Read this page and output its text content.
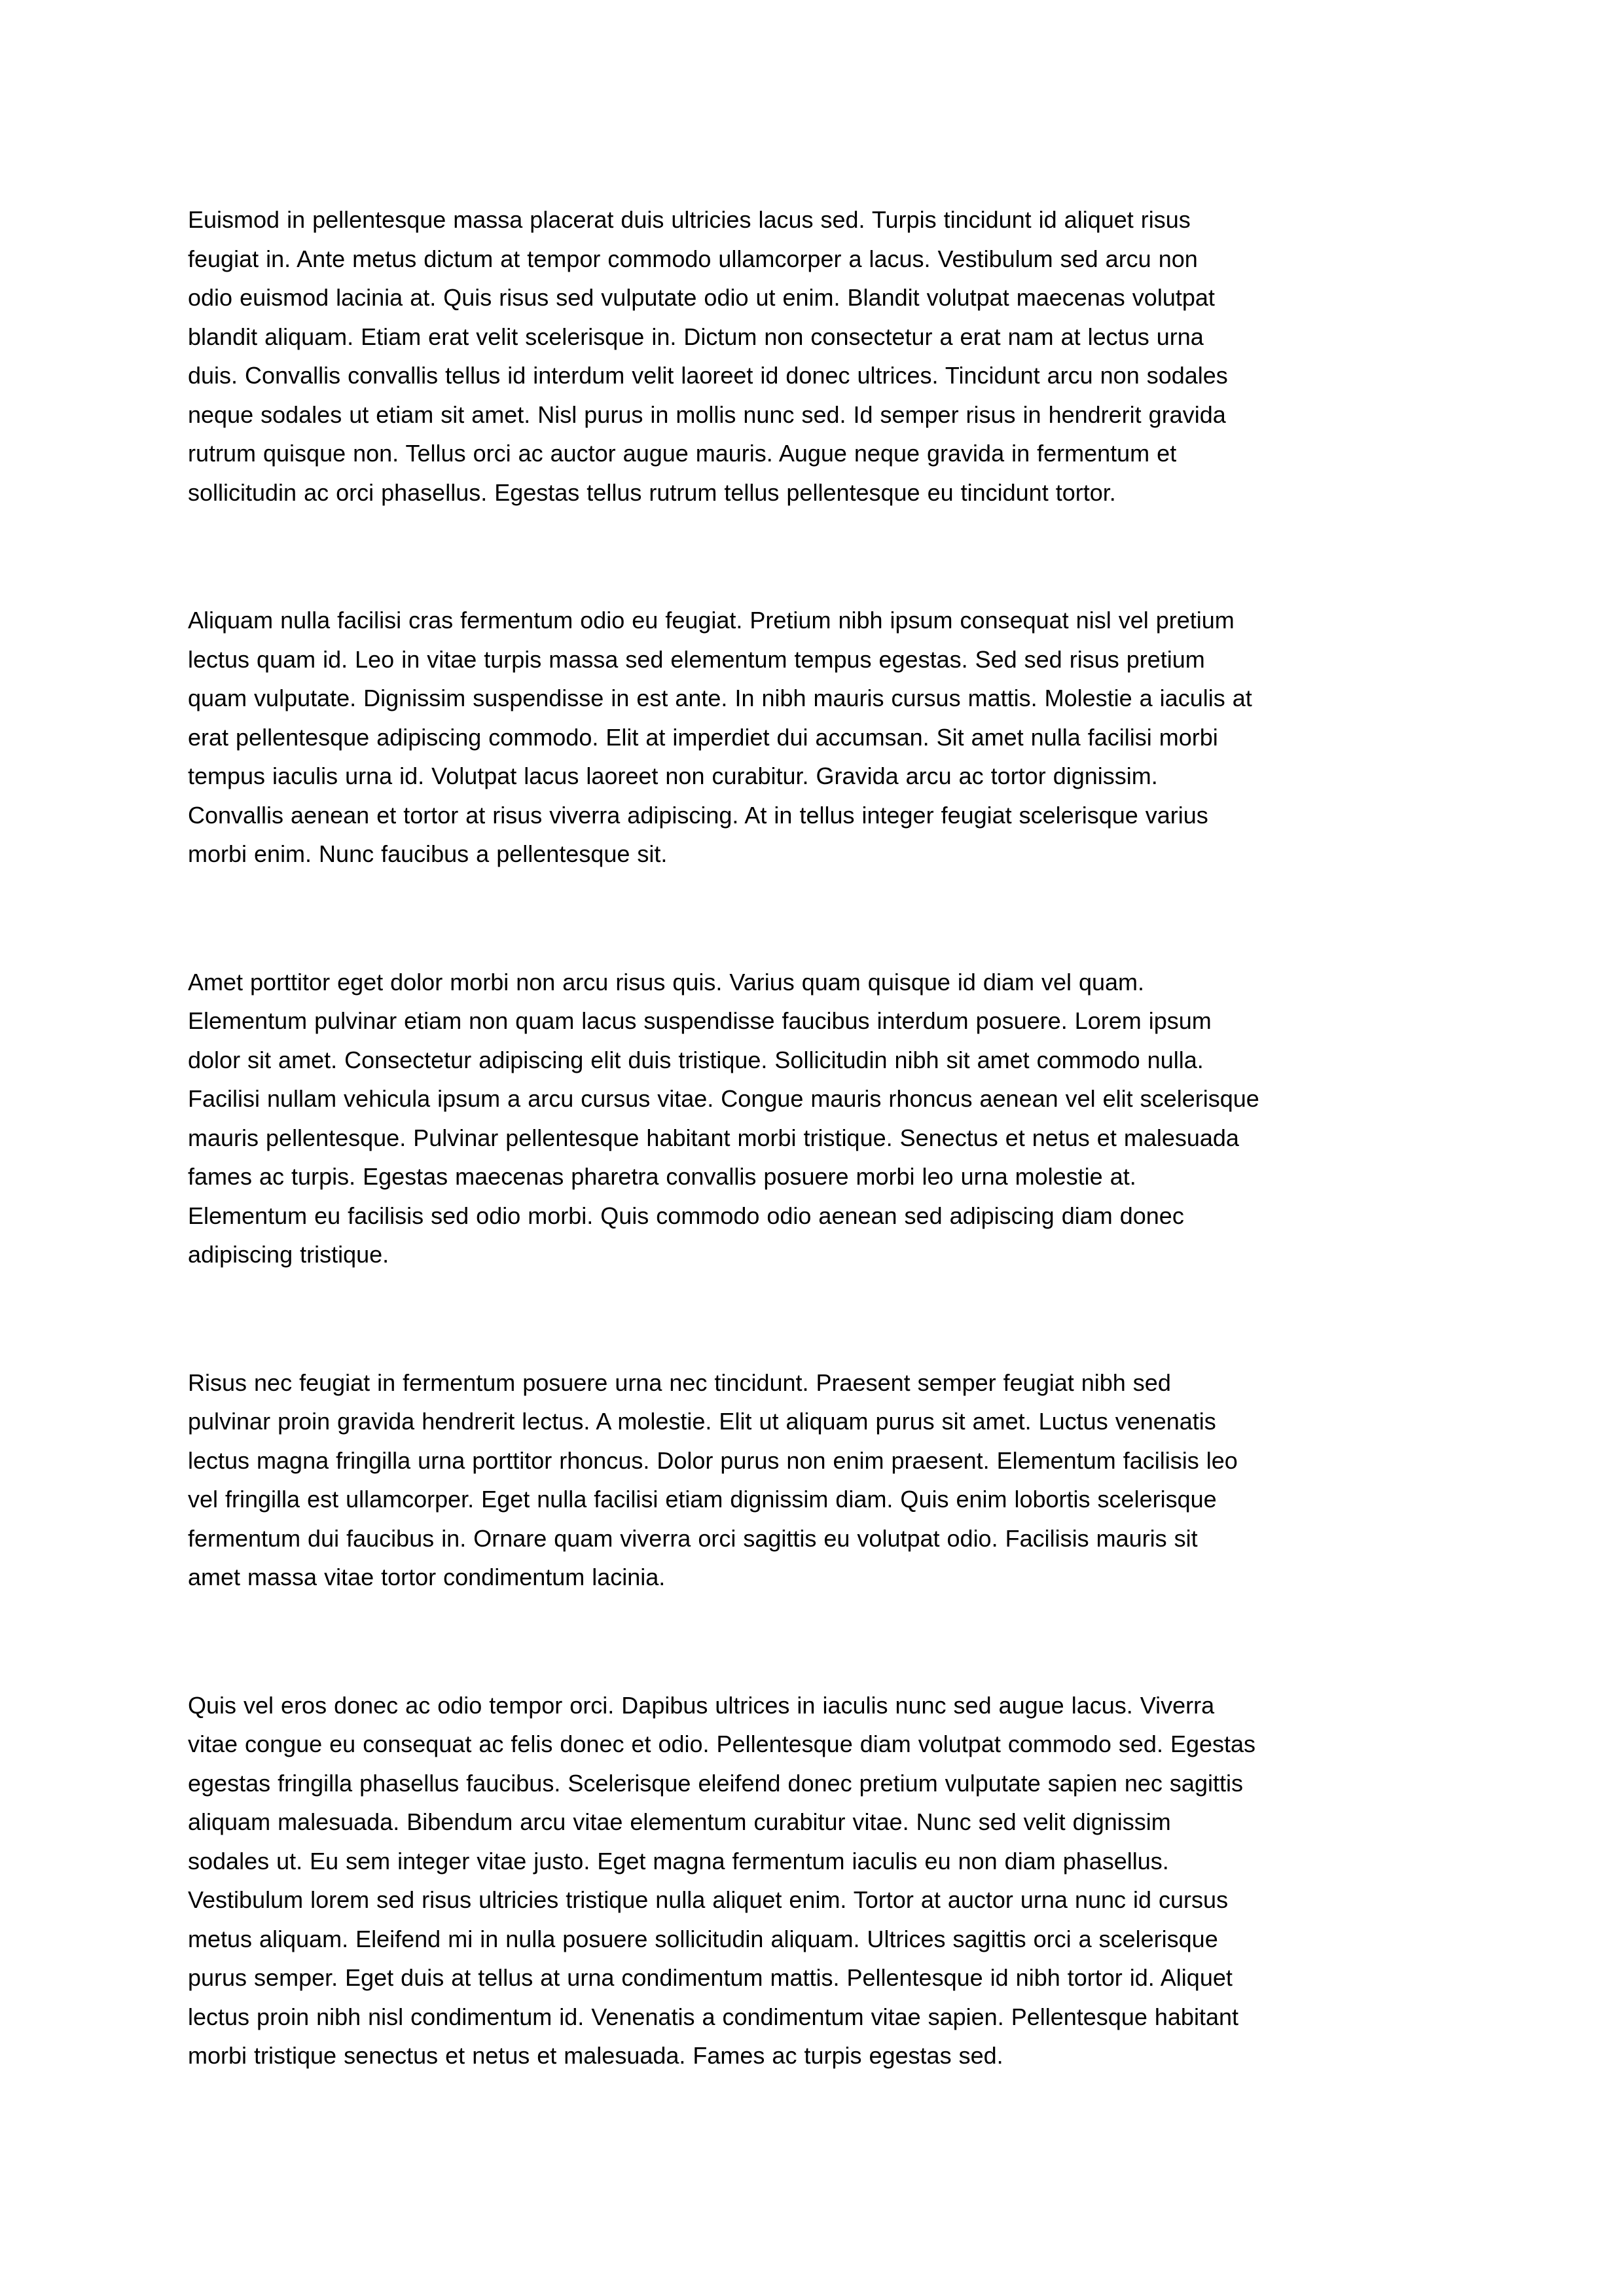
Euismod in pellentesque massa placerat duis ultricies lacus sed. Turpis tincidunt id aliquet risus
feugiat in. Ante metus dictum at tempor commodo ullamcorper a lacus. Vestibulum sed arcu non
odio euismod lacinia at. Quis risus sed vulputate odio ut enim. Blandit volutpat maecenas volutpat
blandit aliquam. Etiam erat velit scelerisque in. Dictum non consectetur a erat nam at lectus urna
duis. Convallis convallis tellus id interdum velit laoreet id donec ultrices. Tincidunt arcu non sodales
neque sodales ut etiam sit amet. Nisl purus in mollis nunc sed. Id semper risus in hendrerit gravida
rutrum quisque non. Tellus orci ac auctor augue mauris. Augue neque gravida in fermentum et
sollicitudin ac orci phasellus. Egestas tellus rutrum tellus pellentesque eu tincidunt tortor.

Aliquam nulla facilisi cras fermentum odio eu feugiat. Pretium nibh ipsum consequat nisl vel pretium
lectus quam id. Leo in vitae turpis massa sed elementum tempus egestas. Sed sed risus pretium
quam vulputate. Dignissim suspendisse in est ante. In nibh mauris cursus mattis. Molestie a iaculis at
erat pellentesque adipiscing commodo. Elit at imperdiet dui accumsan. Sit amet nulla facilisi morbi
tempus iaculis urna id. Volutpat lacus laoreet non curabitur. Gravida arcu ac tortor dignissim.
Convallis aenean et tortor at risus viverra adipiscing. At in tellus integer feugiat scelerisque varius
morbi enim. Nunc faucibus a pellentesque sit.

Amet porttitor eget dolor morbi non arcu risus quis. Varius quam quisque id diam vel quam.
Elementum pulvinar etiam non quam lacus suspendisse faucibus interdum posuere. Lorem ipsum
dolor sit amet. Consectetur adipiscing elit duis tristique. Sollicitudin nibh sit amet commodo nulla.
Facilisi nullam vehicula ipsum a arcu cursus vitae. Congue mauris rhoncus aenean vel elit scelerisque
mauris pellentesque. Pulvinar pellentesque habitant morbi tristique. Senectus et netus et malesuada
fames ac turpis. Egestas maecenas pharetra convallis posuere morbi leo urna molestie at.
Elementum eu facilisis sed odio morbi. Quis commodo odio aenean sed adipiscing diam donec
adipiscing tristique.

Risus nec feugiat in fermentum posuere urna nec tincidunt. Praesent semper feugiat nibh sed
pulvinar proin gravida hendrerit lectus. A molestie. Elit ut aliquam purus sit amet. Luctus venenatis
lectus magna fringilla urna porttitor rhoncus. Dolor purus non enim praesent. Elementum facilisis leo
vel fringilla est ullamcorper. Eget nulla facilisi etiam dignissim diam. Quis enim lobortis scelerisque
fermentum dui faucibus in. Ornare quam viverra orci sagittis eu volutpat odio. Facilisis mauris sit
amet massa vitae tortor condimentum lacinia.

Quis vel eros donec ac odio tempor orci. Dapibus ultrices in iaculis nunc sed augue lacus. Viverra
vitae congue eu consequat ac felis donec et odio. Pellentesque diam volutpat commodo sed. Egestas
egestas fringilla phasellus faucibus. Scelerisque eleifend donec pretium vulputate sapien nec sagittis
aliquam malesuada. Bibendum arcu vitae elementum curabitur vitae. Nunc sed velit dignissim
sodales ut. Eu sem integer vitae justo. Eget magna fermentum iaculis eu non diam phasellus.
Vestibulum lorem sed risus ultricies tristique nulla aliquet enim. Tortor at auctor urna nunc id cursus
metus aliquam. Eleifend mi in nulla posuere sollicitudin aliquam. Ultrices sagittis orci a scelerisque
purus semper. Eget duis at tellus at urna condimentum mattis. Pellentesque id nibh tortor id. Aliquet
lectus proin nibh nisl condimentum id. Venenatis a condimentum vitae sapien. Pellentesque habitant
morbi tristique senectus et netus et malesuada. Fames ac turpis egestas sed.
